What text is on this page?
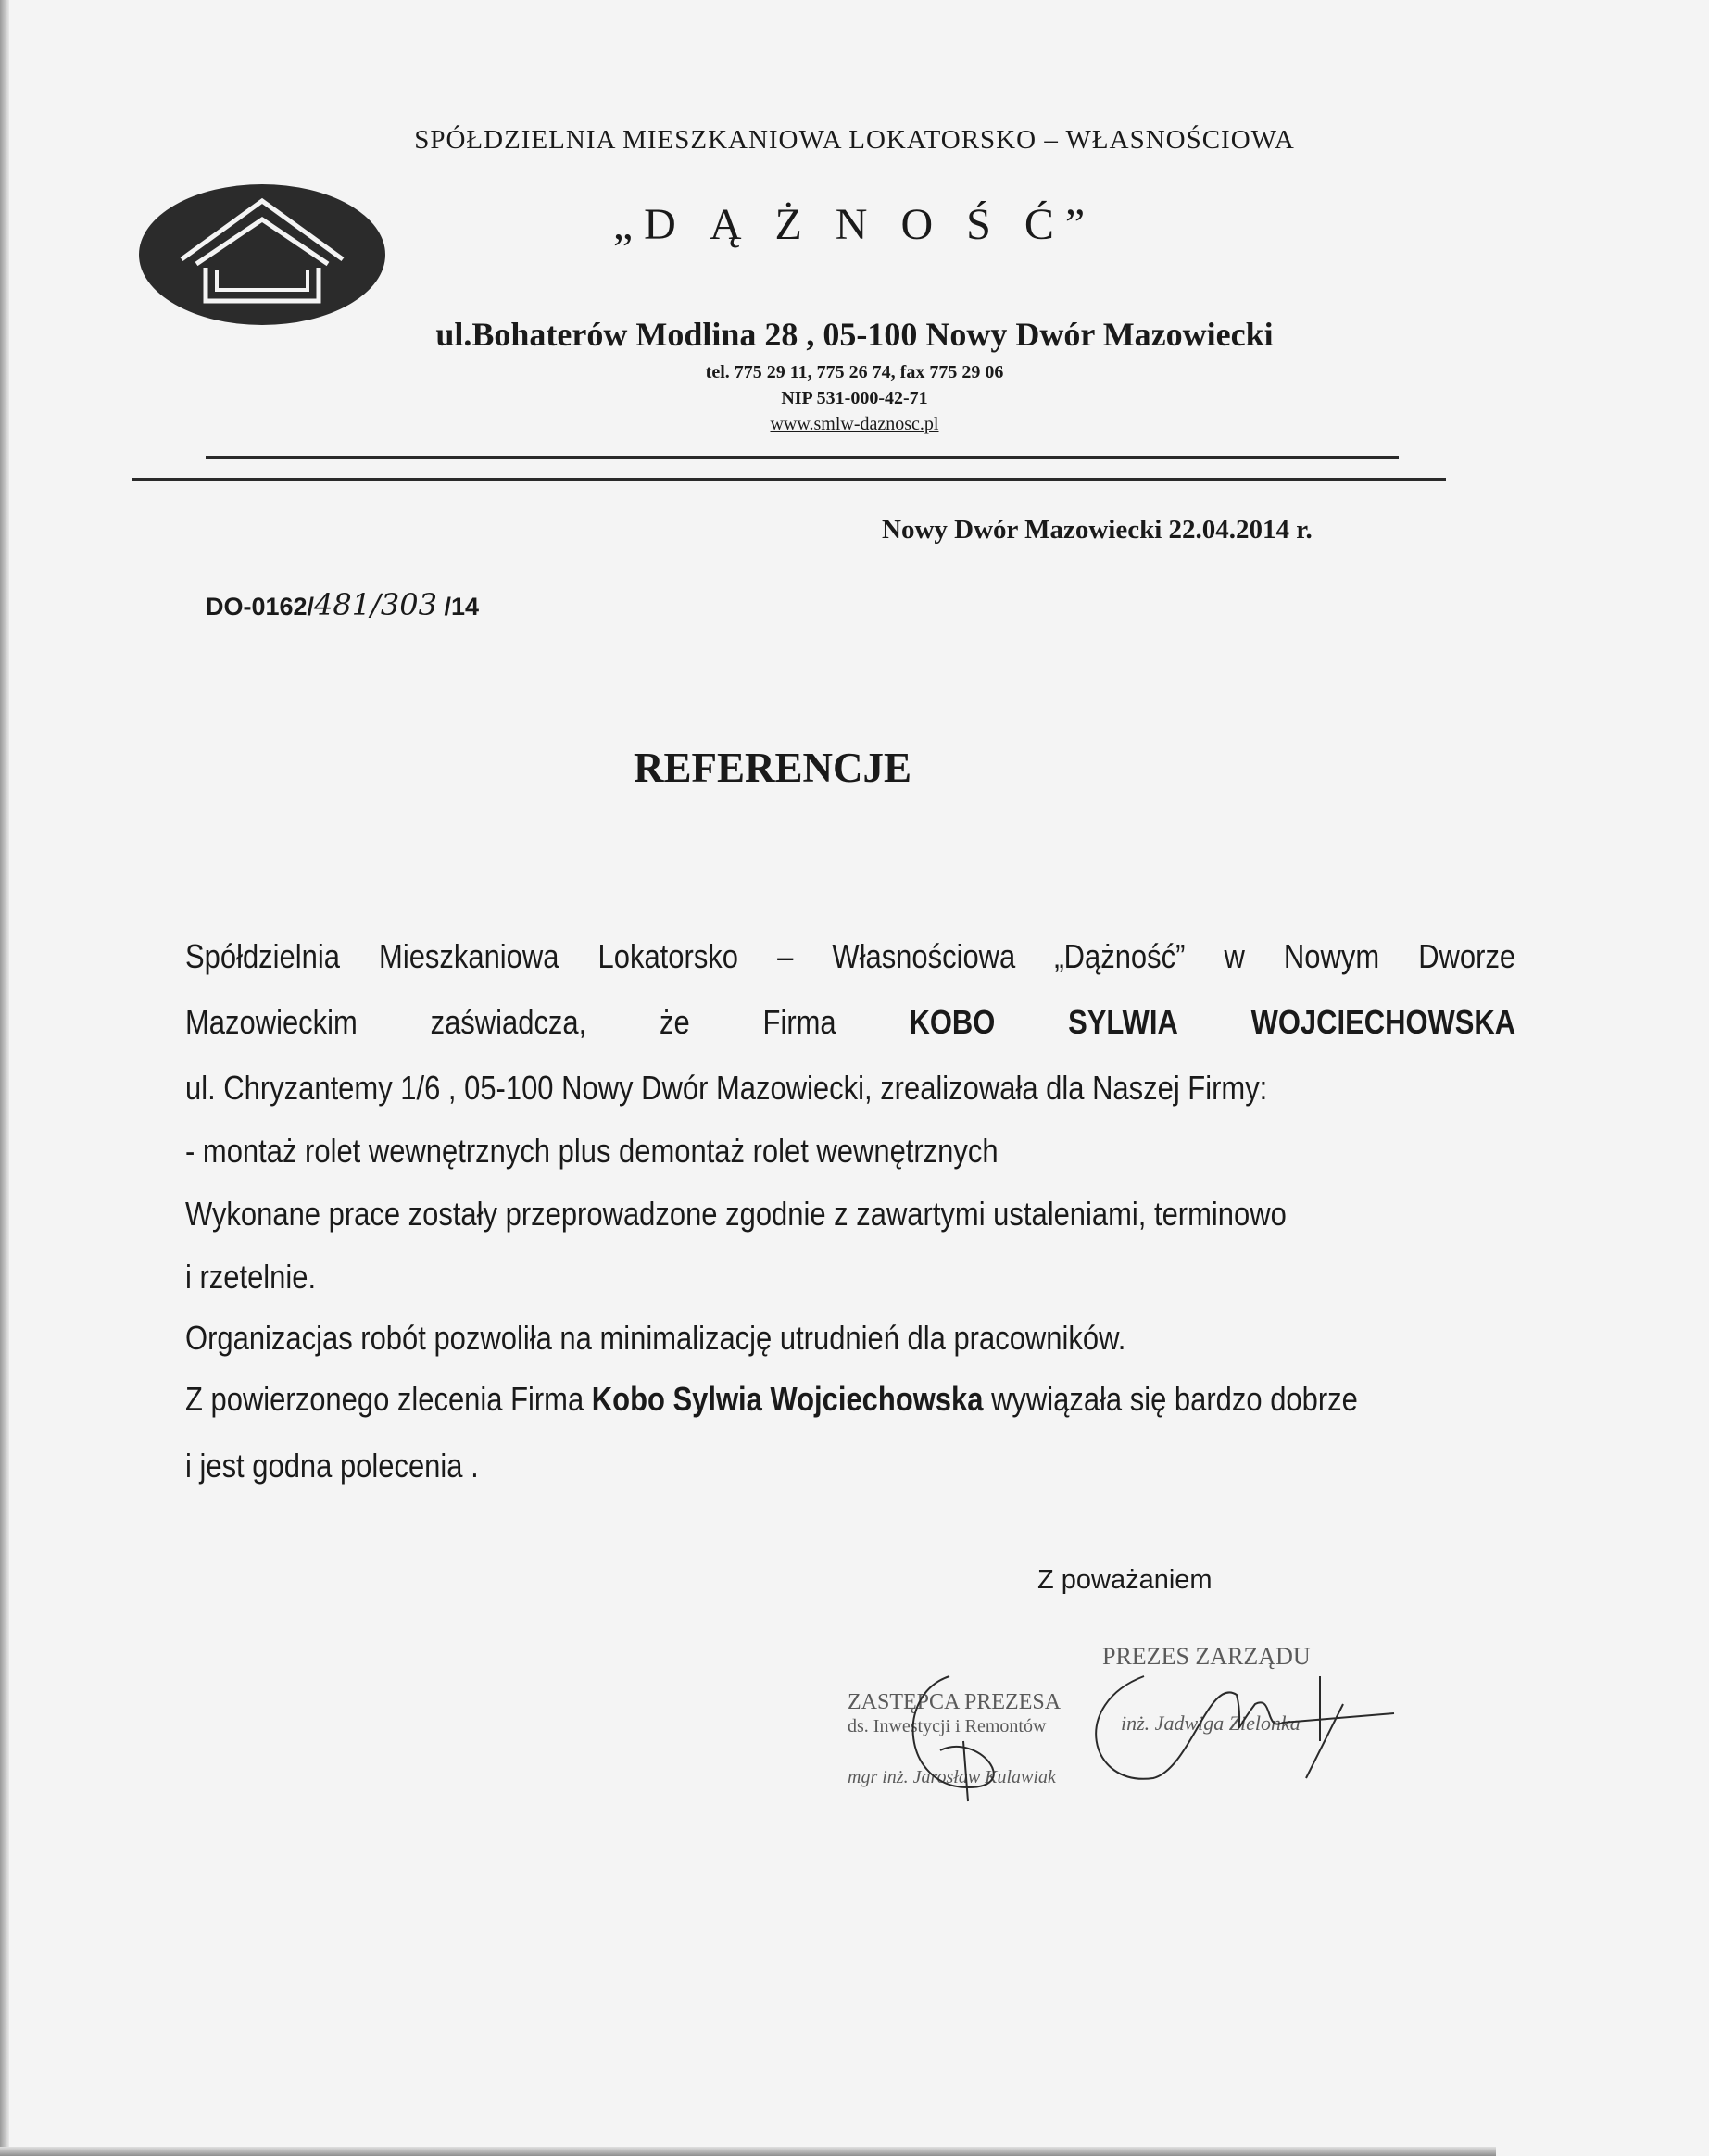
SPÓŁDZIELNIA MIESZKANIOWA LOKATORSKO – WŁASNOŚCIOWA

„D Ą Ż N O Ś Ć”

ul.Bohaterów Modlina 28 , 05-100 Nowy Dwór Mazowiecki

tel. 775 29 11, 775 26 74, fax 775 29 06

NIP 531-000-42-71

www.smlw-daznosc.pl

Nowy Dwór Mazowiecki 22.04.2014 r.

DO-0162/481/303 /14

REFERENCJE
Spółdzielnia Mieszkaniowa Lokatorsko – Własnościowa „Dążność” w Nowym Dworze
Mazowieckim zaświadcza, że Firma KOBO SYLWIA WOJCIECHOWSKA

ul. Chryzantemy 1/6 , 05-100 Nowy Dwór Mazowiecki, zrealizowała dla Naszej Firmy:

- montaż rolet wewnętrznych plus demontaż rolet wewnętrznych

Wykonane prace zostały przeprowadzone zgodnie z zawartymi ustaleniami, terminowo

i rzetelnie.

Organizacjas robót pozwoliła na minimalizację utrudnień dla pracowników.

Z powierzonego zlecenia Firma Kobo Sylwia Wojciechowska wywiązała się bardzo dobrze

i jest godna polecenia .

Z poważaniem

PREZES ZARZĄDU
ZASTĘPCA PREZESA
ds. Inwestycji i Remontów	inż. Jadwiga Zielonka
mgr inż. Jarosław Kulawiak
